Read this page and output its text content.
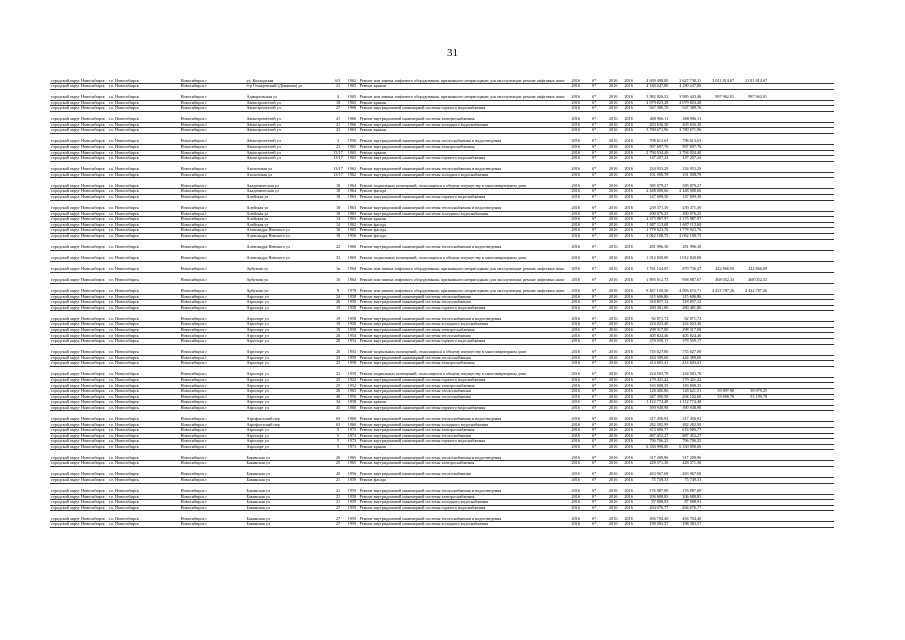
31
городской округ Новосибирск	г.о. Новосибирск	Новосибирск г	ул. Колхидская	6/1	1962	Ремонт или замена лифтового оборудования, признанного непригодным для эксплуатации, ремонт лифтовых шахт	2016	6*	2016	2016	4 639 498,00	2 627 738,31	2 011 814,67	2 011 814,67		
городской округ Новосибирск	г.о. Новосибирск	Новосибирск г	б-р Гемидовский (Демакова) ул	21	1965	Ремонт крыши	2016	6*	2016	2016	4 180 247,80	4 180 247,80				
городской округ Новосибирск	г.о. Новосибирск	Новосибирск г	Адмиральская ул	4	1965	Ремонт или замена лифтового оборудования, признанного непригодным для эксплуатации, ремонт лифтовых шахт	2016	6*	2016	2016	5 982 826,53	3 985 443,46	997 962,01	997 962,01		
городской округ Новосибирск	г.о. Новосибирск	Новосибирск г	Авиастроителей ул	18	1965	Ремонт крыши	2016	6*	2016	2016	4 079 823,28	4 079 823,28				
городской округ Новосибирск	г.о. Новосибирск	Новосибирск г	Авиастроителей ул	27	1968	Ремонт внутридомовой инженерной системы горячего водоснабжения	2016	6*	2016	2016	547 389,76	547 389,76				
городской округ Новосибирск	г.о. Новосибирск	Новосибирск г	Авиастроителей ул	21	1966	Ремонт внутридомовой инженерной системы электроснабжения	2016	6*	2016	2016	468 906,11	468 906,11				
городской округ Новосибирск	г.о. Новосибирск	Новосибирск г	Авиастроителей ул	21	1966	Ремонт внутридомовой инженерной системы холодного водоснабжения	2016	6*	2016	2016	203 636,30	203 636,30				
городской округ Новосибирск	г.о. Новосибирск	Новосибирск г	Авиастроителей ул	23	1963	Ремонт крыши	2016	6*	2016	2016	3 780 671,96	3 780 671,96				
городской округ Новосибирск	г.о. Новосибирск	Новосибирск г	Авиастроителей ул	3	1956	Ремонт внутридомовой инженерной системы теплоснабжения и водоотведения	2016	6*	2016	2016	798 613,63	798 613,63				
городской округ Новосибирск	г.о. Новосибирск	Новосибирск г	Авиастроителей ул	21	1965	Ремонт внутридомовой инженерной системы электроснабжения	2016	6*	2016	2016	997 697,76	997 697,76				
городской округ Новосибирск	г.о. Новосибирск	Новосибирск г	Авиастроителей ул	13/17	1965	Ремонт крыши	2016	6*	2016	2016	2 794 034,40	2 794 034,40				
городской округ Новосибирск	г.о. Новосибирск	Новосибирск г	Авиастроителей ул	13/17	1965	Ремонт внутридомовой инженерной системы горячего водоснабжения	2016	6*	2016	2016	147 207,24	147 207,24				
городской округ Новосибирск	г.о. Новосибирск	Новосибирск г	Азолитовая ул	13/17	1962	Ремонт внутридомовой инженерной системы теплоснабжения и водоотведения	2016	6*	2016	2016	234 953,29	234 953,29				
городской округ Новосибирск	г.о. Новосибирск	Новосибирск г	Азолитовая ул	13/17	1962	Ремонт внутридомовой инженерной системы холодного водоснабжения	2016	6*	2016	2016	101 008,78	101 008,78				
городской округ Новосибирск	г.о. Новосибирск	Новосибирск г	Академическая ул	18	1964	Ремонт подвальных помещений, относящихся к общему имуществу в многоквартирном доме	2016	6*	2016	2016	385 879,27	385 879,27				
городской округ Новосибирск	г.о. Новосибирск	Новосибирск г	Академическая ул	18	1964	Ремонт фасада	2016	6*	2016	2016	2 448 008,66	2 448 008,66				
городской округ Новосибирск	г.о. Новосибирск	Новосибирск г	Алейская ул	18	1963	Ремонт внутридомовой инженерной системы горячего водоснабжения	2016	6*	2016	2016	147 699,30	147 699,30				
городской округ Новосибирск	г.о. Новосибирск	Новосибирск г	Алейская ул	18	1963	Ремонт внутридомовой инженерной системы теплоснабжения и водоотведения	2016	6*	2016	2016	239 371,30	239 371,30				
городской округ Новосибирск	г.о. Новосибирск	Новосибирск г	Алейская ул	18	1963	Ремонт внутридомовой инженерной системы холодного водоснабжения	2016	6*	2016	2016	200 076,25	200 076,25				
городской округ Новосибирск	г.о. Новосибирск	Новосибирск г	Алейская ул	14	1963	Ремонт крыши	2016	6*	2016	2016	2 375 987,97	2 375 987,97				
городской округ Новосибирск	г.о. Новосибирск	Новосибирск г	Алейская ул	14	1962	Ремонт фасада	2016	6*	2016	2016	1 687 113,68	1 687 113,68				
городской округ Новосибирск	г.о. Новосибирск	Новосибирск г	Александра Невского ул	16	1965	Ремонт фасада	2016	6*	2016	2016	1 778 923,76	1 778 923,76				
городской округ Новосибирск	г.о. Новосибирск	Новосибирск г	Александра Невского ул	18	1956	Ремонт фасада	2016	6*	2016	2016	2 062 108,75	2 062 108,75				
городской округ Новосибирск	г.о. Новосибирск	Новосибирск г	Александра Невского ул	22	1960	Ремонт внутридомовой инженерной системы теплоснабжения и водоотведения	2016	6*	2016	2016	281 996,30	281 996,30				
городской округ Новосибирск	г.о. Новосибирск	Новосибирск г	Александра Невского ул	32	1965	Ремонт подвальных помещений, относящихся к общему имуществу в многоквартирном доме	2016	6*	2016	2016	1 012 820,00	1 012 820,00				
городской округ Новосибирск	г.о. Новосибирск	Новосибирск г	Арбузова ул	1в	1964	Ремонт или замена лифтового оборудования, признанного непригодным для эксплуатации, ремонт лифтовых шахт	2016	6*	2016	2016	1 761 144,05	879 736,47	442 866,09	442 866,09		
городской округ Новосибирск	г.о. Новосибирск	Новосибирск г	Арбузова ул	10	1964	Ремонт или замена лифтового оборудования, признанного непригодным для эксплуатации, ремонт лифтовых шахт	2016	6*	2016	2016	1 895 012,73	958 887,67	468 052,33	468 052,33		
городской округ Новосибирск	г.о. Новосибирск	Новосибирск г	Арбузова ул	8	1979	Ремонт или замена лифтового оборудования, признанного непригодным для эксплуатации, ремонт лифтовых шахт	2016	6*	2016	2016	9 467 120,36	4 903 672,71	2 431 787,26	2 431 787,26		
городской округ Новосибирск	г.о. Новосибирск	Новосибирск г	Аэропорт ул	24	1958	Ремонт внутридомовой инженерной системы теплоснабжения	2016	6*	2016	2016	315 606,86	315 606,86				
городской округ Новосибирск	г.о. Новосибирск	Новосибирск г	Аэропорт ул	26	1958	Ремонт внутридомовой инженерной системы теплоснабжения	2016	6*	2016	2016	318 857,12	318 857,12				
городской округ Новосибирск	г.о. Новосибирск	Новосибирск г	Аэропорт ул	19	1958	Ремонт внутридомовой инженерной системы горячего водоснабжения	2016	6*	2016	2016	280 481,86	280 481,86				
городской округ Новосибирск	г.о. Новосибирск	Новосибирск г	Аэропорт ул	19	1958	Ремонт внутридомовой инженерной системы теплоснабжения и водоотведения	2016	6*	2016	2016	82 871,72	82 871,72				
городской округ Новосибирск	г.о. Новосибирск	Новосибирск г	Аэропорт ул	19	1958	Ремонт внутридомовой инженерной системы холодного водоснабжения	2016	6*	2016	2016	224 023,40	224 023,40				
городской округ Новосибирск	г.о. Новосибирск	Новосибирск г	Аэропорт ул	19	1958	Ремонт внутридомовой инженерной системы электроснабжения	2016	6*	2016	2016	298 317,00	298 317,00				
городской округ Новосибирск	г.о. Новосибирск	Новосибирск г	Аэропорт ул	20	1954	Ремонт внутридомовой инженерной системы теплоснабжения	2016	6*	2016	2016	405 824,46	405 824,46				
городской округ Новосибирск	г.о. Новосибирск	Новосибирск г	Аэропорт ул	20	1954	Ремонт внутридомовой инженерной системы горячего водоснабжения	2016	6*	2016	2016	378 559,17	378 559,17				
городской округ Новосибирск	г.о. Новосибирск	Новосибирск г	Аэропорт ул	20	1954	Ремонт подвальных помещений, относящихся к общему имуществу в многоквартирном доме	2016	6*	2016	2016	735 027,00	735 027,00				
городской округ Новосибирск	г.о. Новосибирск	Новосибирск г	Аэропорт ул	23	1959	Ремонт внутридомовой инженерной системы теплоснабжения	2016	6*	2016	2016	444 389,60	444 389,60				
городской округ Новосибирск	г.о. Новосибирск	Новосибирск г	Аэропорт ул	23	1958	Ремонт внутридомовой инженерной системы электроснабжения	2016	6*	2016	2016	414 603,41	414 603,41				
городской округ Новосибирск	г.о. Новосибирск	Новосибирск г	Аэропорт ул	23	1959	Ремонт подвальных помещений, относящихся к общему имуществу в многоквартирном доме	2016	6*	2016	2016	224 583,78	224 583,78				
городской округ Новосибирск	г.о. Новосибирск	Новосибирск г	Аэропорт ул	25	1952	Ремонт внутридомовой инженерной системы горячего водоснабжения	2016	6*	2016	2016	179 421,42	179 421,42				
городской округ Новосибирск	г.о. Новосибирск	Новосибирск г	Аэропорт ул	25	1952	Ремонт внутридомовой инженерной системы электроснабжения	2016	6*	2016	2016	183 808,35	183 808,35				
городской округ Новосибирск	г.о. Новосибирск	Новосибирск г	Аэропорт ул	26	1963	Ремонт внутридомовой инженерной системы теплоснабжения	2016	6*	2016	2016	128 400,86	128 621,51	59 897,90	39 079,25		
городской округ Новосибирск	г.о. Новосибирск	Новосибирск г	Аэропорт ул	40	1956	Ремонт внутридомовой инженерной системы теплоснабжения	2016	6*	2016	2016	347 390,58	294 102,60	53 698,78	53 199,78		
городской округ Новосибирск	г.о. Новосибирск	Новосибирск г	Аэропорт ул	34	1958	Ремонт крыши	2016	6*	2016	2016	1 112 774,48	1 112 774,48				
городской округ Новосибирск	г.о. Новосибирск	Новосибирск г	Аэропорт ул	45	1960	Ремонт внутридомовой инженерной системы горячего водоснабжения	2016	6*	2016	2016	390 948,98	390 948,98				
городской округ Новосибирск	г.о. Новосибирск	Новосибирск г	Аэрофлотский пер	63	1960	Ремонт внутридомовой инженерной системы теплоснабжения и водоотведения	2016	6*	2016	2016	317 456,92	317 456,92				
городской округ Новосибирск	г.о. Новосибирск	Новосибирск г	Аэрофлотский пер	63	1960	Ремонт внутридомовой инженерной системы холодного водоснабжения	2016	6*	2016	2016	282 282,99	282 282,99				
городской округ Новосибирск	г.о. Новосибирск	Новосибирск г	Аэропорт ул	5	1973	Ремонт внутридомовой инженерной системы электроснабжения	2016	6*	2016	2016	674 006,77	674 006,77				
городской округ Новосибирск	г.о. Новосибирск	Новосибирск г	Аэропорт ул	5	1973	Ремонт внутридомовой инженерной системы теплоснабжения	2016	6*	2016	2016	887 452,27	887 452,27				
городской округ Новосибирск	г.о. Новосибирск	Новосибирск г	Аэропорт ул	5	1973	Ремонт внутридомовой инженерной системы горячего водоснабжения	2016	6*	2016	2016	796 706,25	796 706,25				
городской округ Новосибирск	г.о. Новосибирск	Новосибирск г	Аэропорт ул	5	1973	Ремонт крыши	2016	6*	2016	2016	6 330 990,00	6 330 990,00				
городской округ Новосибирск	г.о. Новосибирск	Новосибирск г	Бакинская ул	26	1965	Ремонт внутридомовой инженерной системы теплоснабжения и водоотведения	2016	6*	2016	2016	317 209,96	317 209,96				
городской округ Новосибирск	г.о. Новосибирск	Новосибирск г	Бакинская ул	25	1965	Ремонт внутридомовой инженерной системы электроснабжения	2016	6*	2016	2016	428 371,30	428 371,30				
городской округ Новосибирск	г.о. Новосибирск	Новосибирск г	Бакинская ул	20	1956	Ремонт внутридомовой инженерной системы теплоснабжения	2016	6*	2016	2016	263 967,68	263 967,68				
городской округ Новосибирск	г.о. Новосибирск	Новосибирск г	Бакинская ул	21	1959	Ремонт фасада	2016	6*	2016	2016	75 749,33	75 749,33				
городской округ Новосибирск	г.о. Новосибирск	Новосибирск г	Бакинская ул	21	1959	Ремонт внутридомовой инженерной системы теплоснабжения и водоотведения	2016	6*	2016	2016	176 987,00	176 987,00				
городской округ Новосибирск	г.о. Новосибирск	Новосибирск г	Бакинская ул	21	1959	Ремонт внутридомовой инженерной системы электроснабжения	2016	6*	2016	2016	206 688,83	206 688,83				
городской округ Новосибирск	г.о. Новосибирск	Новосибирск г	Бакинская ул	21	1959	Ремонт внутридомовой инженерной системы холодного водоснабжения	2016	6*	2016	2016	87 088,93	87 088,93				
городской округ Новосибирск	г.о. Новосибирск	Новосибирск г	Бакинская ул	27	1959	Ремонт внутридомовой инженерной системы горячего водоснабжения	2016	6*	2016	2016	204 676,77	204 676,77				
городской округ Новосибирск	г.о. Новосибирск	Новосибирск г	Бакинская ул	27	1959	Ремонт внутридомовой инженерной системы теплоснабжения и водоотведения	2016	6*	2016	2016	456 704,40	456 704,40				
городской округ Новосибирск	г.о. Новосибирск	Новосибирск г	Бакинская ул	27	1959	Ремонт внутридомовой инженерной системы холодного водоснабжения	2016	6*	2016	2016	198 383,57	198 383,57				
